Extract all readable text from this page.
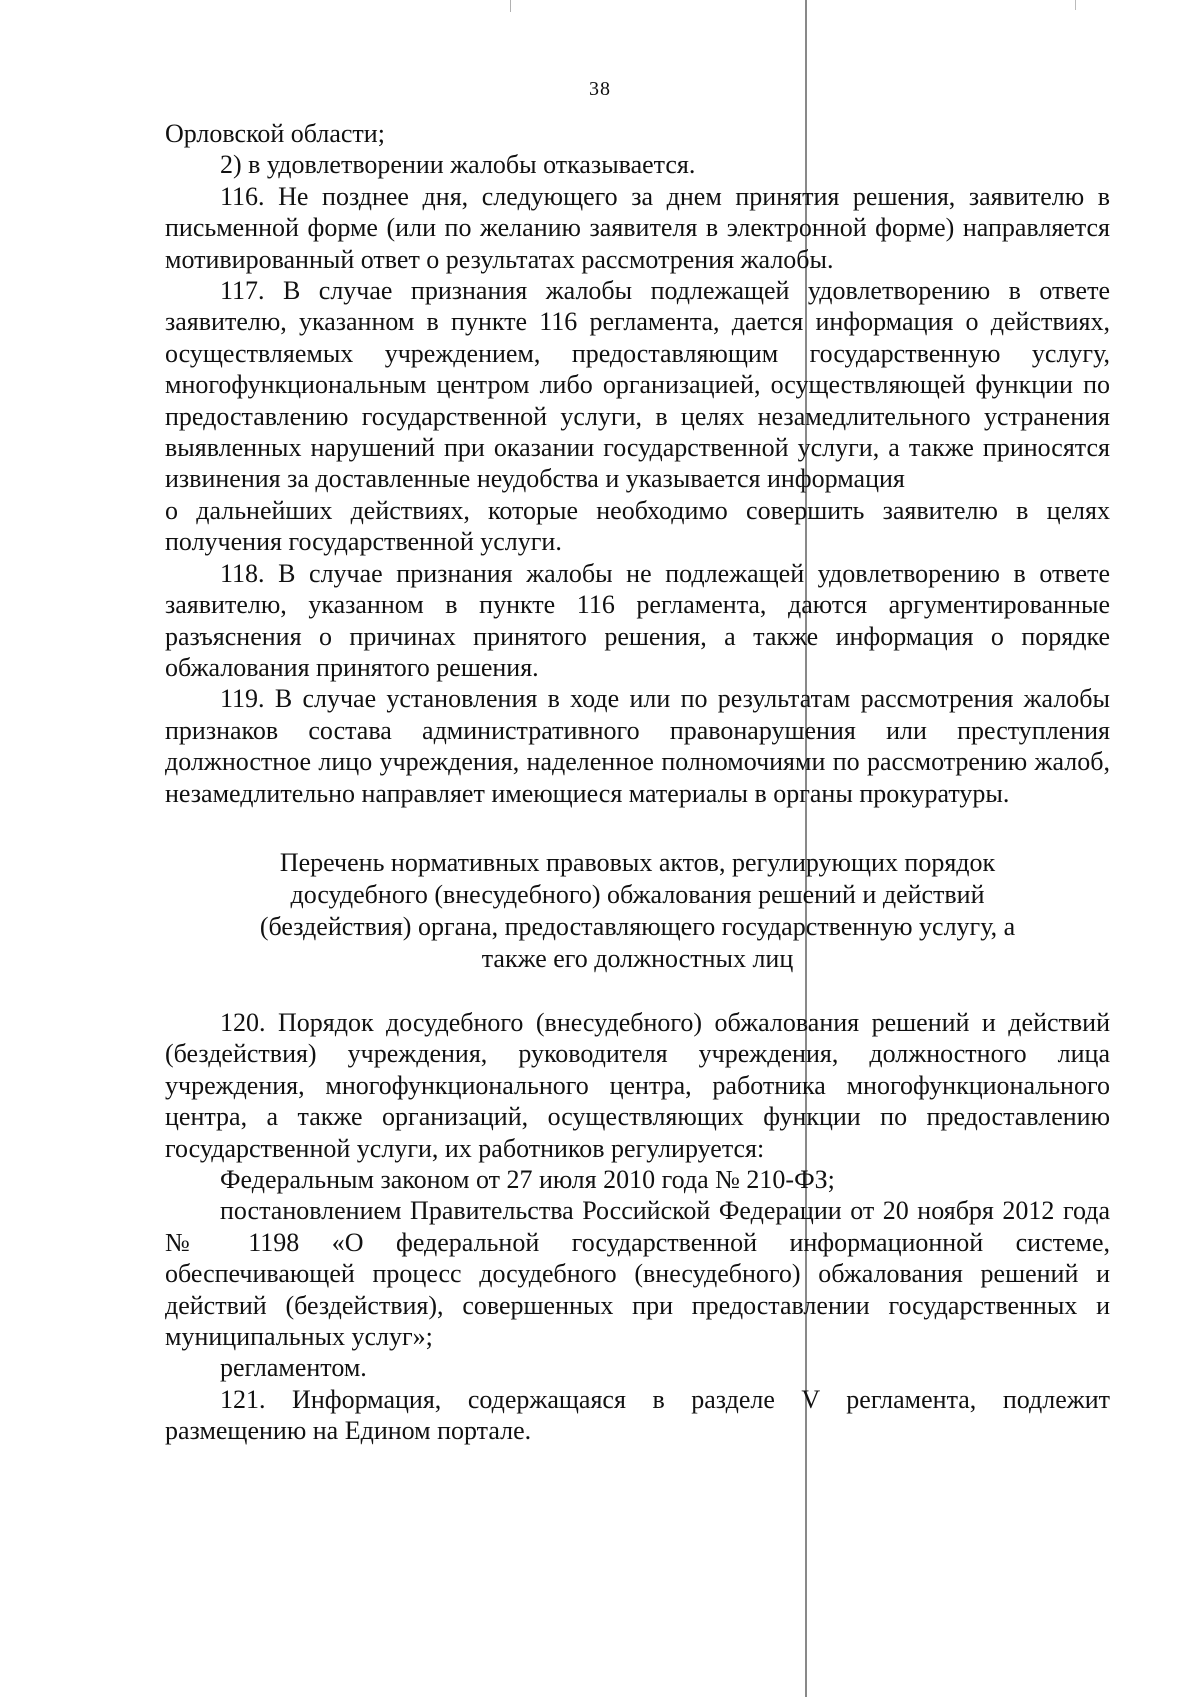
38

Орловской области;

2) в удовлетворении жалобы отказывается.

116. Не позднее дня, следующего за днем принятия решения, заявителю в письменной форме (или по желанию заявителя в электронной форме) направляется мотивированный ответ о результатах рассмотрения жалобы.

117. В случае признания жалобы подлежащей удовлетворению в ответе заявителю, указанном в пункте 116 регламента, дается информация о действиях, осуществляемых учреждением, предоставляющим государственную услугу, многофункциональным центром либо организацией, осуществляющей функции по предоставлению государственной услуги, в целях незамедлительного устранения выявленных нарушений при оказании государственной услуги, а также приносятся извинения за доставленные неудобства и указывается информация

о дальнейших действиях, которые необходимо совершить заявителю в целях получения государственной услуги.

118. В случае признания жалобы не подлежащей удовлетворению в ответе заявителю, указанном в пункте 116 регламента, даются аргументированные разъяснения о причинах принятого решения, а также информация о порядке обжалования принятого решения.

119. В случае установления в ходе или по результатам рассмотрения жалобы признаков состава административного правонарушения или преступления должностное лицо учреждения, наделенное полномочиями по рассмотрению жалоб, незамедлительно направляет имеющиеся материалы в органы прокуратуры.

Перечень нормативных правовых актов, регулирующих порядок досудебного (внесудебного) обжалования решений и действий (бездействия) органа, предоставляющего государственную услугу, а также его должностных лиц

120. Порядок досудебного (внесудебного) обжалования решений и действий (бездействия) учреждения, руководителя учреждения, должностного лица учреждения, многофункционального центра, работника многофункционального центра, а также организаций, осуществляющих функции по предоставлению государственной услуги, их работников регулируется:

Федеральным законом от 27 июля 2010 года № 210-ФЗ;

постановлением Правительства Российской Федерации от 20 ноября 2012 года № 1198 «О федеральной государственной информационной системе, обеспечивающей процесс досудебного (внесудебного) обжалования решений и действий (бездействия), совершенных при предоставлении государственных и муниципальных услуг»;

регламентом.

121. Информация, содержащаяся в разделе V регламента, подлежит размещению на Едином портале.
